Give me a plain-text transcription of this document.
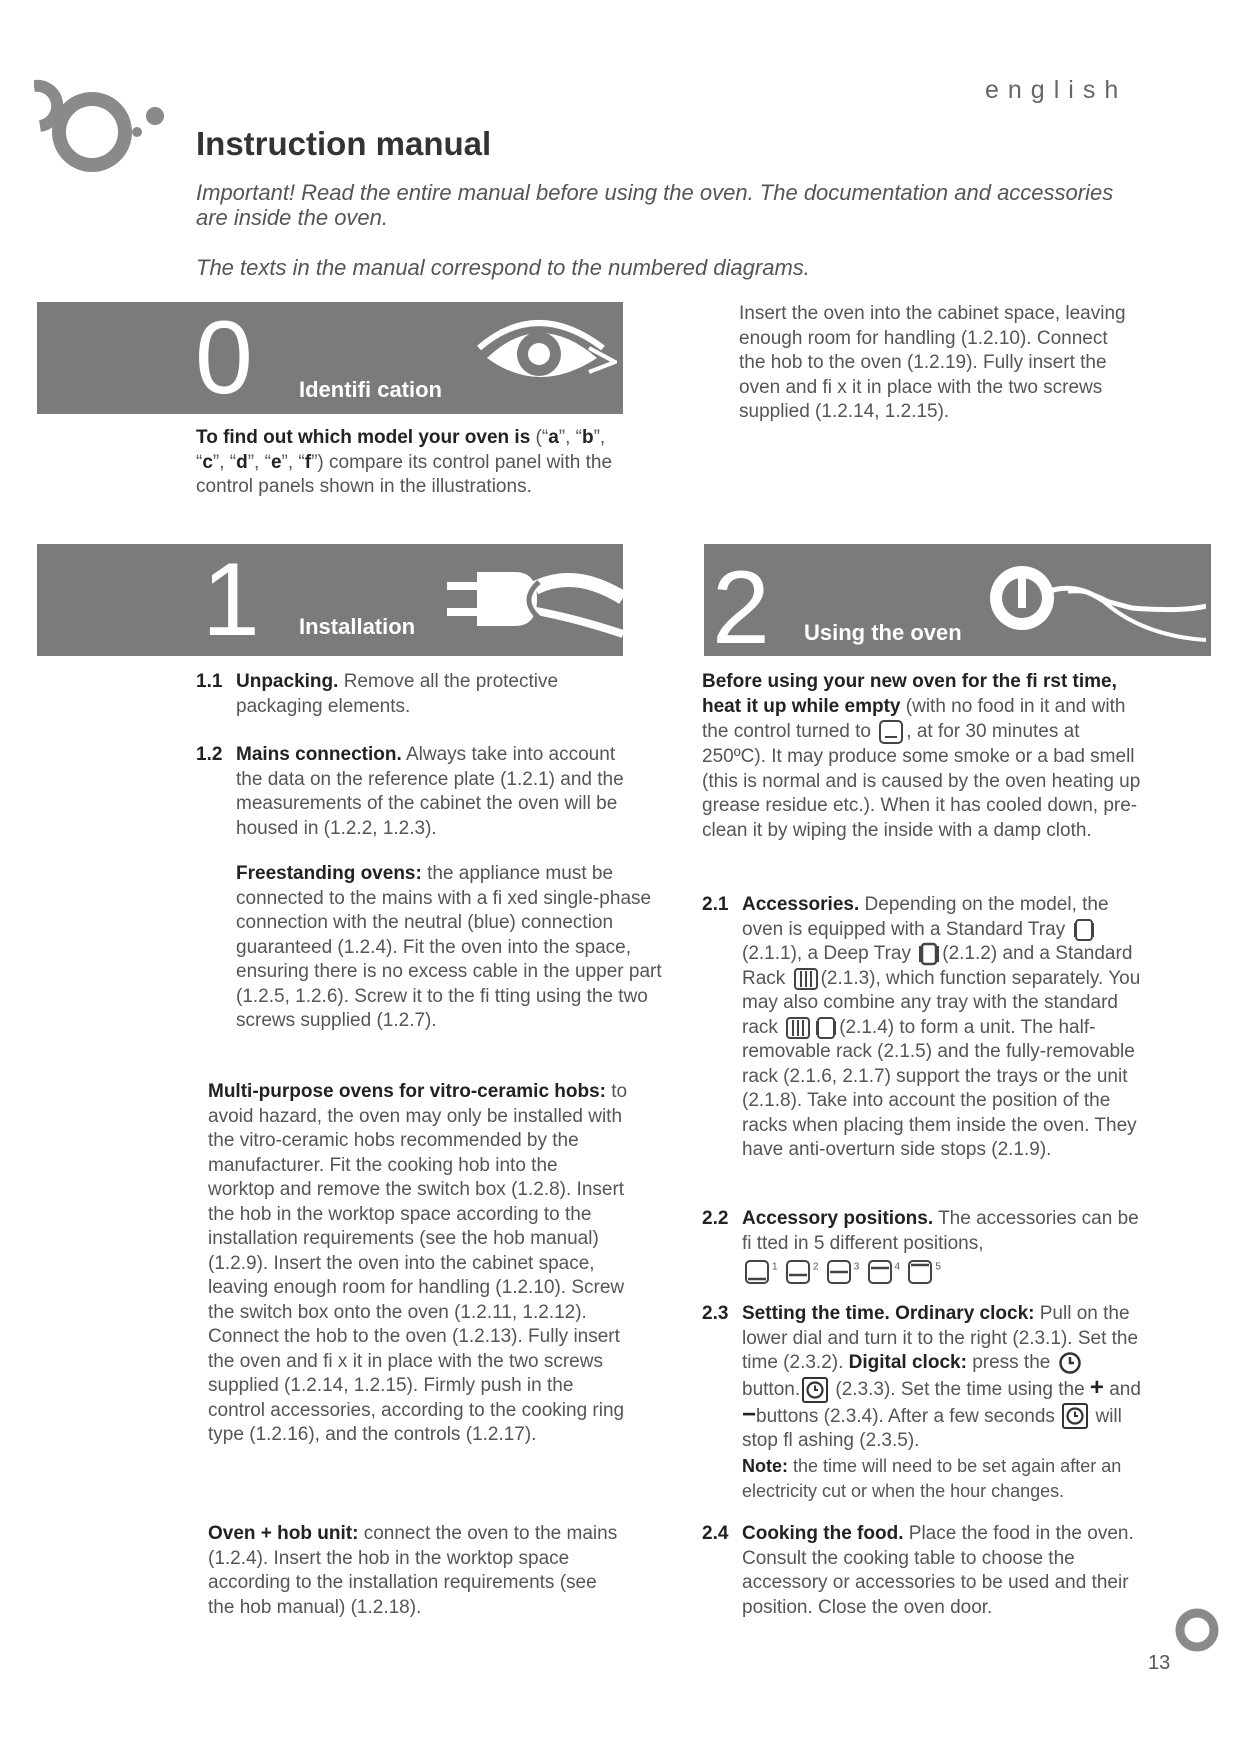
english
Instruction manual

Important! Read the entire manual before using the oven. The documentation and accessories are inside the oven.

The texts in the manual correspond to the numbered diagrams.

0 Identifi cation

To find out which model your oven is (“a”, “b”, “c”, “d”, “e”, “f”) compare its control panel with the control panels shown in the illustrations.

Insert the oven into the cabinet space, leaving enough room for handling (1.2.10). Connect the hob to the oven (1.2.19). Fully insert the oven and fi x it in place with the two screws supplied (1.2.14, 1.2.15).

1 Installation	2 Using the oven
1.1 Unpacking. Remove all the protective packaging elements.
1.2 Mains connection. Always take into account the data on the reference plate (1.2.1) and the measurements of the cabinet the oven will be housed in (1.2.2, 1.2.3).

Freestanding ovens: the appliance must be connected to the mains with a fi xed single-phase connection with the neutral (blue) connection guaranteed (1.2.4). Fit the oven into the space, ensuring there is no excess cable in the upper part (1.2.5, 1.2.6). Screw it to the fi tting using the two screws supplied (1.2.7).

Multi-purpose ovens for vitro-ceramic hobs: to avoid hazard, the oven may only be installed with the vitro-ceramic hobs recommended by the manufacturer. Fit the cooking hob into the worktop and remove the switch box (1.2.8). Insert the hob in the worktop space according to the installation requirements (see the hob manual) (1.2.9). Insert the oven into the cabinet space, leaving enough room for handling (1.2.10). Screw the switch box onto the oven (1.2.11, 1.2.12). Connect the hob to the oven (1.2.13). Fully insert the oven and fi x it in place with the two screws supplied (1.2.14, 1.2.15). Firmly push in the control accessories, according to the cooking ring type (1.2.16), and the controls (1.2.17).
Oven + hob unit: connect the oven to the mains (1.2.4). Insert the hob in the worktop space according to the installation requirements (see the hob manual) (1.2.18).

Before using your new oven for the fi rst time, heat it up while empty (with no food in it and with the control turned to , at for 30 minutes at 250ºC). It may produce some smoke or a bad smell (this is normal and is caused by the oven heating up grease residue etc.). When it has cooled down, pre-clean it by wiping the inside with a damp cloth.

2.1 Accessories. Depending on the model, the oven is equipped with a Standard Tray (2.1.1), a Deep Tray (2.1.2) and a Standard Rack (2.1.3), which function separately. You may also combine any tray with the standard rack	(2.1.4) to form a unit. The half-removable rack (2.1.5) and the fully-removable rack (2.1.6, 2.1.7) support the trays or the unit (2.1.8). Take into account the position of the racks when placing them inside the oven. They have anti-overturn side stops (2.1.9).
2.2 Accessory positions. The accessories can be fi tted in 5 different positions,
$^1$	$^2$	$^3$	$^4$	$^5$
2.3 Setting the time. Ordinary clock: Pull on the lower dial and turn it to the right (2.3.1). Set the time (2.3.2). Digital clock: press the  button. (2.3.3). Set the time using the + and −buttons (2.3.4). After a few seconds will stop fl ashing (2.3.5).
Note: the time will need to be set again after an electricity cut or when the hour changes.
2.4 Cooking the food. Place the food in the oven. Consult the cooking table to choose the accessory or accessories to be used and their position. Close the oven door.
13
